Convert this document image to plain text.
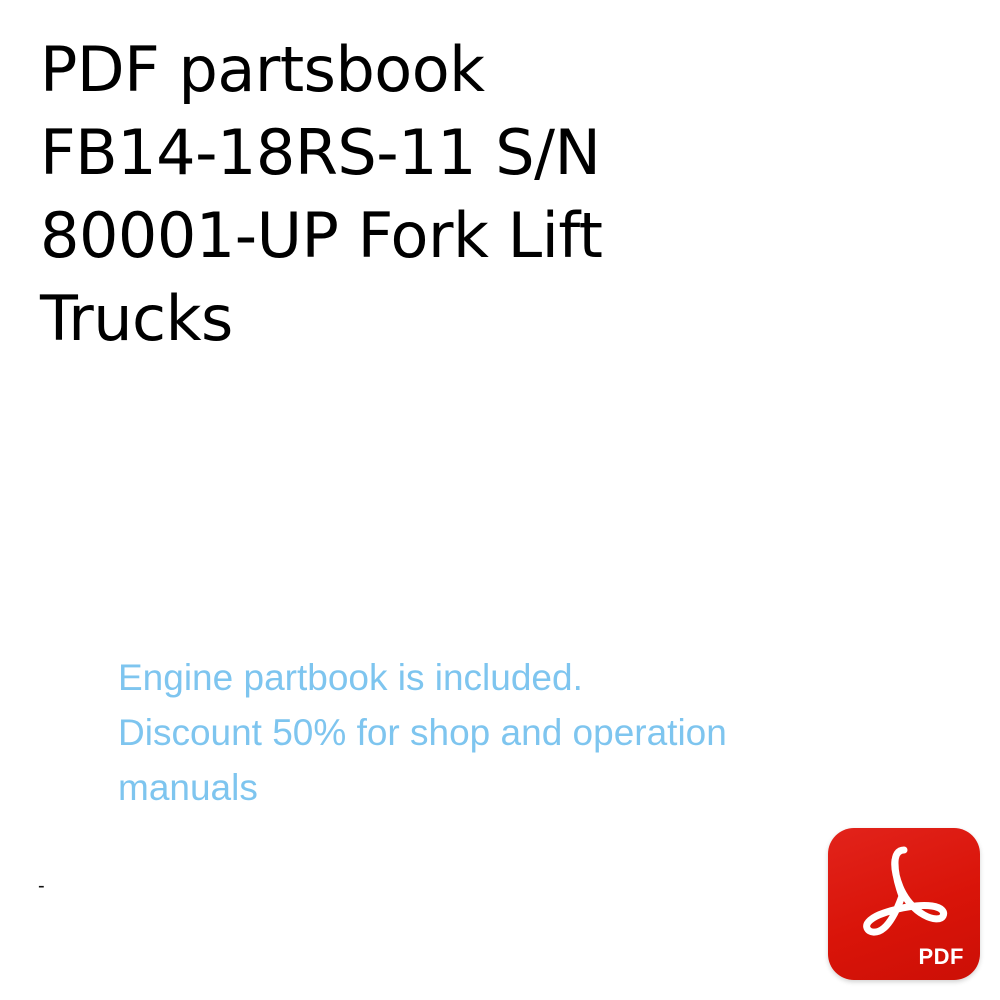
PDF partsbook
FB14-18RS-11 S/N
80001-UP Fork Lift
Trucks
Engine partbook is included.
Discount 50% for shop and operation
manuals
-
PDF
